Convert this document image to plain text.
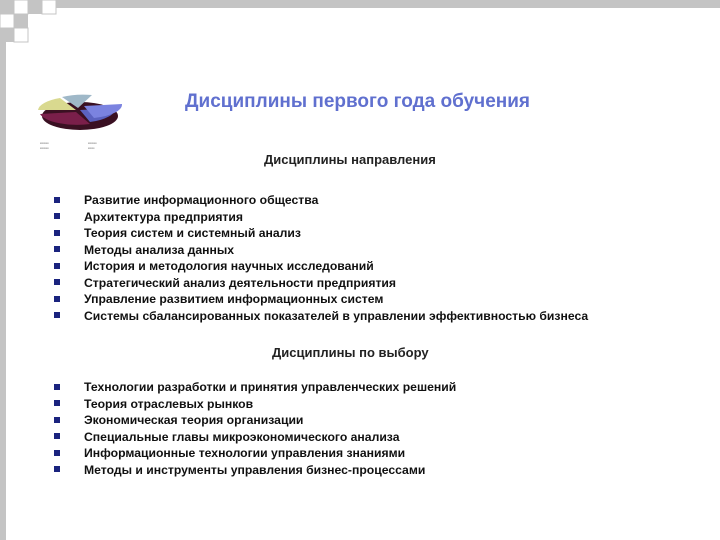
▪▪▪▪▪▪▪▪
▪▪▪▪▪▪▪▪
▪▪▪▪▪▪▪▪
▪▪▪▪▪▪
Дисциплины первого года обучения
Дисциплины направления
Развитие информационного общества
Архитектура предприятия
Теория систем и системный анализ
Методы анализа данных
История и методология научных исследований
Стратегический анализ деятельности предприятия
Управление развитием информационных систем
Системы сбалансированных показателей в управлении эффективностью бизнеса
Дисциплины по выбору
Технологии разработки и принятия управленческих решений
Теория отраслевых рынков
Экономическая теория организации
Специальные главы микроэкономического анализа
Информационные технологии управления знаниями
Методы и инструменты управления бизнес-процессами
